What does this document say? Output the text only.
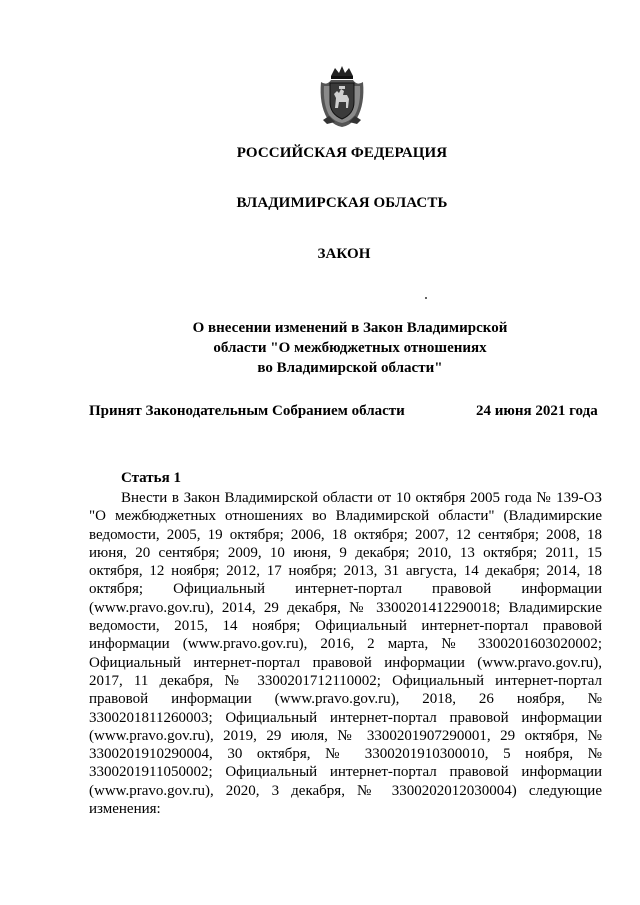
РОССИЙСКАЯ ФЕДЕРАЦИЯ
ВЛАДИМИРСКАЯ ОБЛАСТЬ
ЗАКОН
О внесении изменений в Закон Владимирской
области "О межбюджетных отношениях
во Владимирской области"
Принят Законодательным Собранием области	24 июня 2021 года
Статья 1
Внести в Закон Владимирской области от 10 октября 2005 года № 139-ОЗ "О межбюджетных отношениях во Владимирской области" (Владимирские ведомости, 2005, 19 октября; 2006, 18 октября; 2007, 12 сентября; 2008, 18 июня, 20 сентября; 2009, 10 июня, 9 декабря; 2010, 13 октября; 2011, 15 октября, 12 ноября; 2012, 17 ноября; 2013, 31 августа, 14 декабря; 2014, 18 октября; Официальный интернет-портал правовой информации (www.pravo.gov.ru), 2014, 29 декабря, № 3300201412290018; Владимирские ведомости, 2015, 14 ноября; Официальный интернет-портал правовой информации (www.pravo.gov.ru), 2016, 2 марта, № 3300201603020002; Официальный интернет-портал правовой информации (www.pravo.gov.ru), 2017, 11 декабря, № 3300201712110002; Официальный интернет-портал правовой информации (www.pravo.gov.ru), 2018, 26 ноября, № 3300201811260003; Официальный интернет-портал правовой информации (www.pravo.gov.ru), 2019, 29 июля, № 3300201907290001, 29 октября, № 3300201910290004, 30 октября, № 3300201910300010, 5 ноября, № 3300201911050002; Официальный интернет-портал правовой информации (www.pravo.gov.ru), 2020, 3 декабря, № 3300202012030004) следующие изменения:
